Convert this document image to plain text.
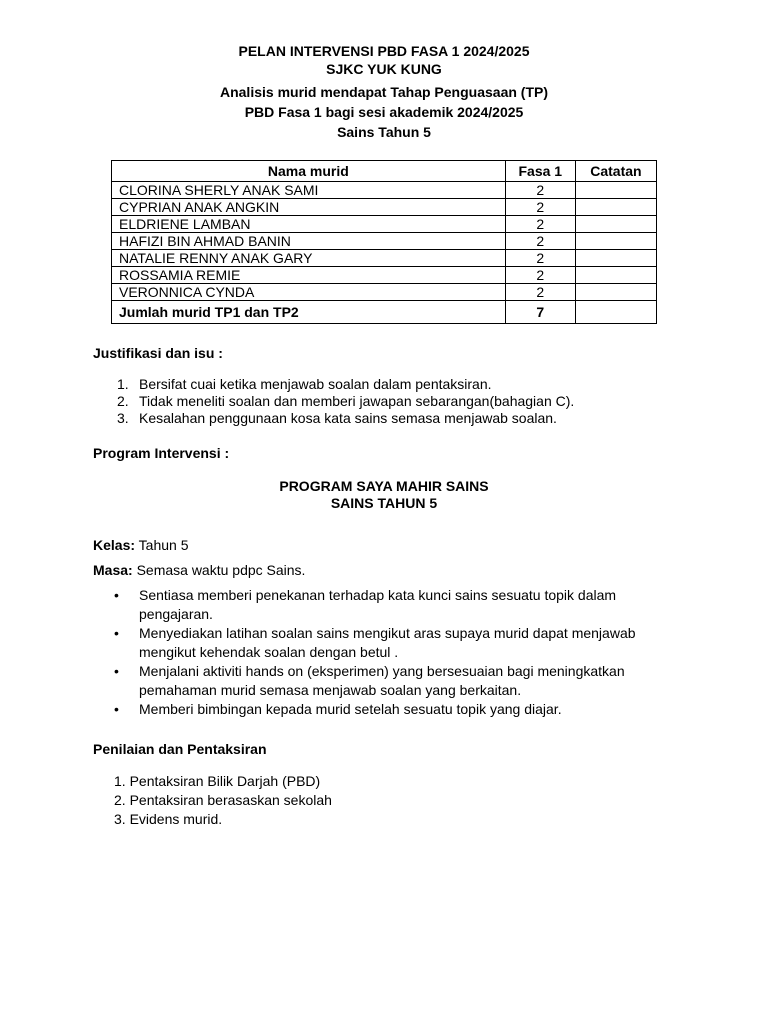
PELAN INTERVENSI PBD FASA 1 2024/2025
SJKC YUK KUNG
Analisis murid mendapat Tahap Penguasaan (TP)
PBD Fasa 1 bagi sesi akademik 2024/2025
Sains Tahun 5
Nama murid	Fasa 1	Catatan
CLORINA SHERLY ANAK SAMI	2	
CYPRIAN ANAK ANGKIN	2	
ELDRIENE LAMBAN	2	
HAFIZI BIN AHMAD BANIN	2	
NATALIE RENNY ANAK GARY	2	
ROSSAMIA REMIE	2	
VERONNICA CYNDA	2	
Jumlah murid TP1 dan TP2	7	
Justifikasi dan isu :
1. Bersifat cuai ketika menjawab soalan dalam pentaksiran.
2. Tidak meneliti soalan dan memberi jawapan sebarangan(bahagian C).
3. Kesalahan penggunaan kosa kata sains semasa menjawab soalan.
Program Intervensi :
PROGRAM SAYA MAHIR SAINS
SAINS TAHUN 5
Kelas: Tahun 5
Masa: Semasa waktu pdpc Sains.
• Sentiasa memberi penekanan terhadap kata kunci sains sesuatu topik dalam pengajaran.
• Menyediakan latihan soalan sains mengikut aras supaya murid dapat menjawab mengikut kehendak soalan dengan betul .
• Menjalani aktiviti hands on (eksperimen) yang bersesuaian bagi meningkatkan pemahaman murid semasa menjawab soalan yang berkaitan.
• Memberi bimbingan kepada murid setelah sesuatu topik yang diajar.
Penilaian dan Pentaksiran
1. Pentaksiran Bilik Darjah (PBD)
2. Pentaksiran berasaskan sekolah
3. Evidens murid.
